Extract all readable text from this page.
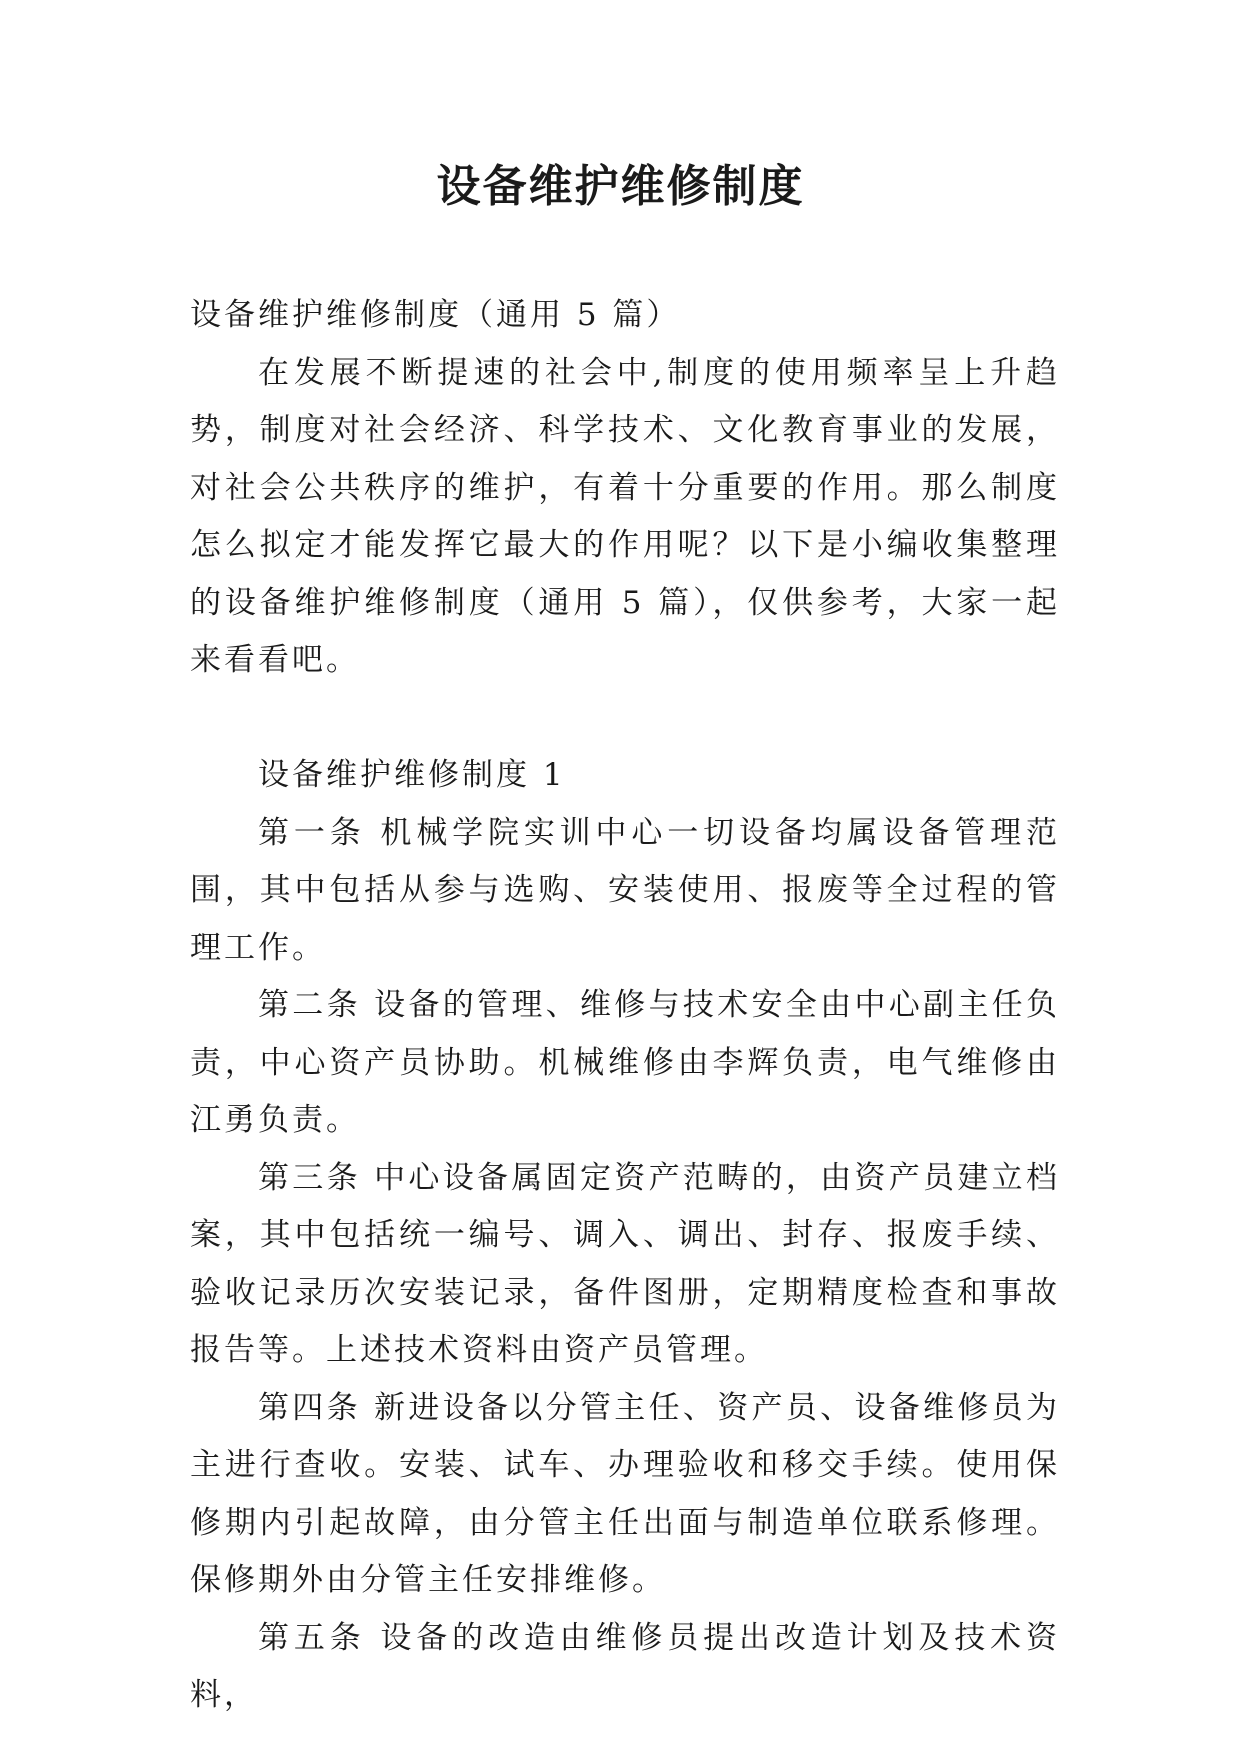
设备维护维修制度

设备维护维修制度（通用 5 篇）

在发展不断提速的社会中,制度的使用频率呈上升趋势，制度对社会经济、科学技术、文化教育事业的发展，对社会公共秩序的维护，有着十分重要的作用。那么制度怎么拟定才能发挥它最大的作用呢？以下是小编收集整理的设备维护维修制度（通用 5 篇），仅供参考，大家一起来看看吧。

设备维护维修制度 1

第一条 机械学院实训中心一切设备均属设备管理范围，其中包括从参与选购、安装使用、报废等全过程的管理工作。

第二条 设备的管理、维修与技术安全由中心副主任负责，中心资产员协助。机械维修由李辉负责，电气维修由江勇负责。

第三条 中心设备属固定资产范畴的，由资产员建立档案，其中包括统一编号、调入、调出、封存、报废手续、验收记录历次安装记录，备件图册，定期精度检查和事故报告等。上述技术资料由资产员管理。

第四条 新进设备以分管主任、资产员、设备维修员为主进行查收。安装、试车、办理验收和移交手续。使用保修期内引起故障，由分管主任出面与制造单位联系修理。保修期外由分管主任安排维修。

第五条 设备的改造由维修员提出改造计划及技术资料，
